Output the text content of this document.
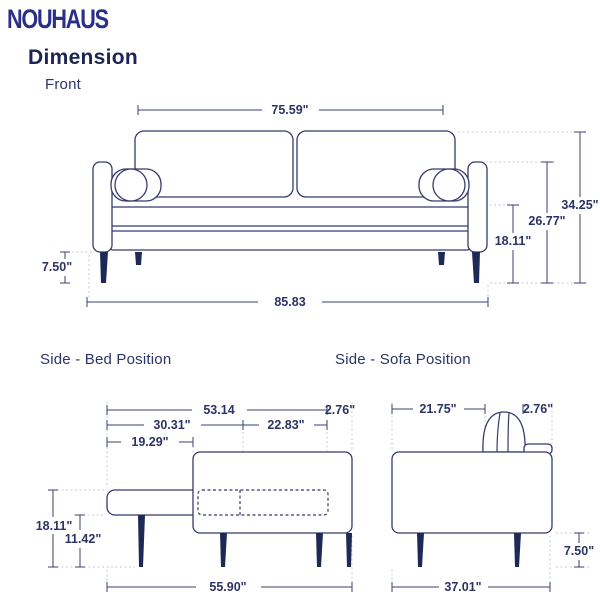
NOUHAUS
Dimension
Front
75.59"
34.25"
26.77"
18.11"
7.50"
85.83
Side - Bed Position	Side - Sofa Position
53.14	2.76"
30.31"	22.83"
19.29"
18.11"
11.42"
55.90"
21.75"	2.76"
7.50"
37.01"
